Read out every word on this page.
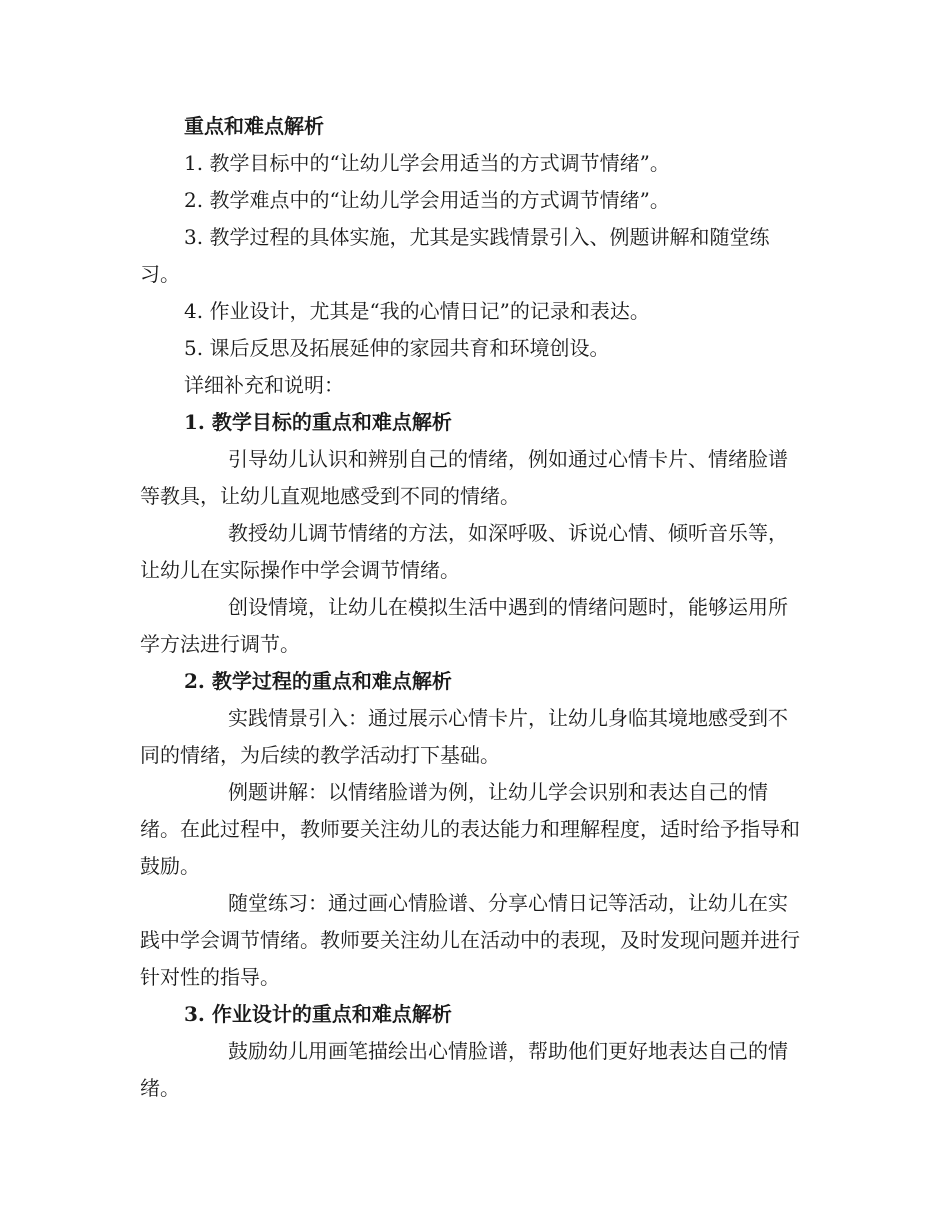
重点和难点解析

1. 教学目标中的“让幼儿学会用适当的方式调节情绪”。

2. 教学难点中的“让幼儿学会用适当的方式调节情绪”。

3. 教学过程的具体实施，尤其是实践情景引入、例题讲解和随堂练习。

4. 作业设计，尤其是“我的心情日记”的记录和表达。

5. 课后反思及拓展延伸的家园共育和环境创设。

详细补充和说明：

1. 教学目标的重点和难点解析

引导幼儿认识和辨别自己的情绪，例如通过心情卡片、情绪脸谱等教具，让幼儿直观地感受到不同的情绪。

教授幼儿调节情绪的方法，如深呼吸、诉说心情、倾听音乐等，让幼儿在实际操作中学会调节情绪。

创设情境，让幼儿在模拟生活中遇到的情绪问题时，能够运用所学方法进行调节。

2. 教学过程的重点和难点解析

实践情景引入：通过展示心情卡片，让幼儿身临其境地感受到不同的情绪，为后续的教学活动打下基础。

例题讲解：以情绪脸谱为例，让幼儿学会识别和表达自己的情绪。在此过程中，教师要关注幼儿的表达能力和理解程度，适时给予指导和鼓励。

随堂练习：通过画心情脸谱、分享心情日记等活动，让幼儿在实践中学会调节情绪。教师要关注幼儿在活动中的表现，及时发现问题并进行针对性的指导。

3. 作业设计的重点和难点解析

鼓励幼儿用画笔描绘出心情脸谱，帮助他们更好地表达自己的情绪。
